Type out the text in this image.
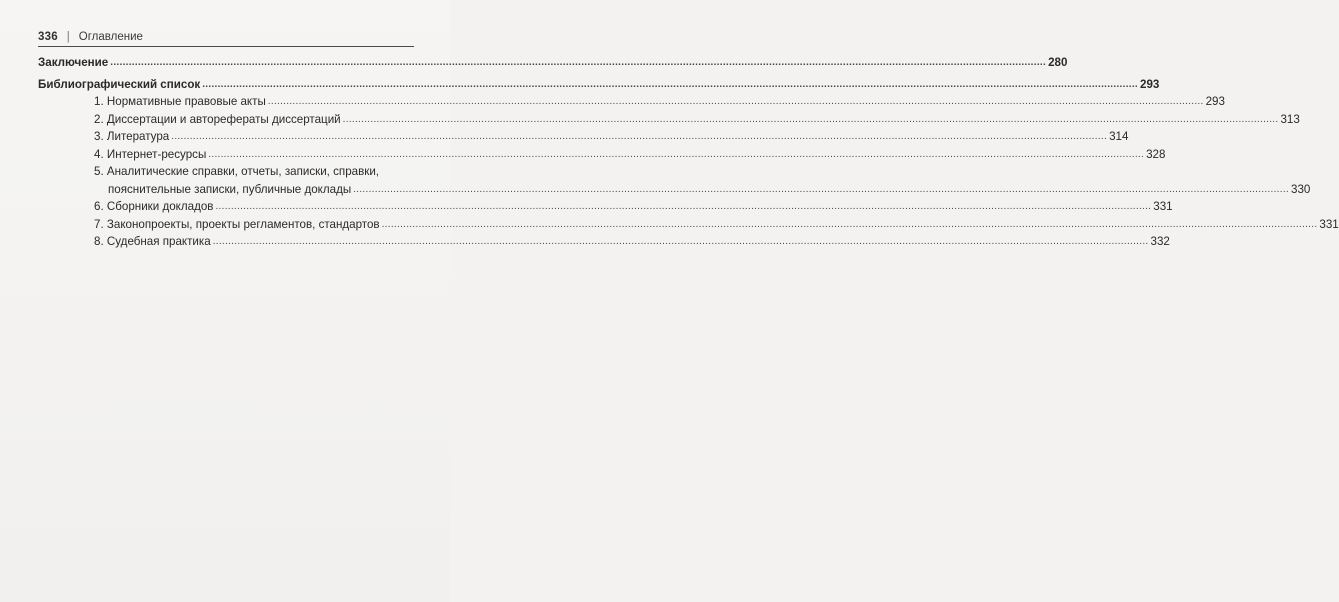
336 | Оглавление
Заключение .....	280
Библиографический список .....	293
1. Нормативные правовые акты .....	293
2. Диссертации и авторефераты диссертаций .....	313
3. Литература .....	314
4. Интернет-ресурсы .....	328
5. Аналитические справки, отчеты, записки, справки,
пояснительные записки, публичные доклады .....	330
6. Сборники докладов .....	331
7. Законопроекты, проекты регламентов, стандартов .....	331
8. Судебная практика .....	332
